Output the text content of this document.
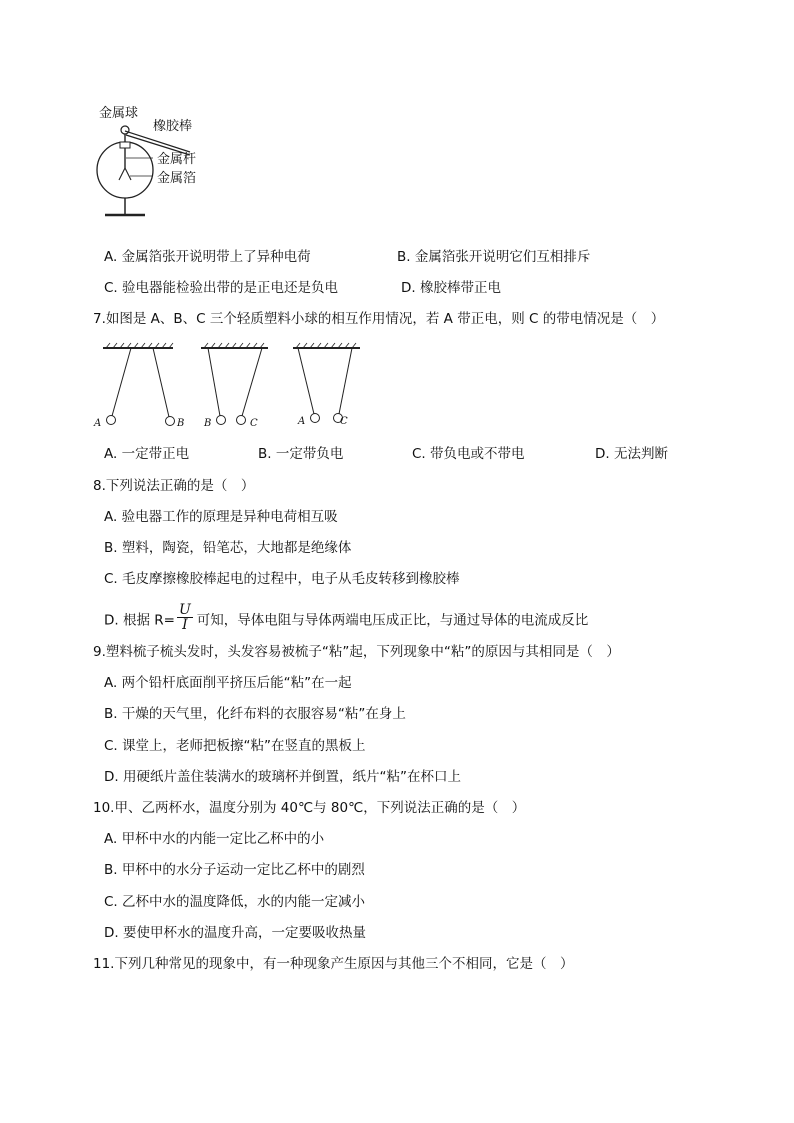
金属球
橡胶棒
金属杆
金属箔
A. 金属箔张开说明带上了异种电荷	B. 金属箔张开说明它们互相排斥
C. 验电器能检验出带的是正电还是负电	D. 橡胶棒带正电
7.如图是 A、B、C 三个轻质塑料小球的相互作用情况，若 A 带正电，则 C 的带电情况是（　）
A	B B	C	A	C
A. 一定带正电	B. 一定带负电	C. 带负电或不带电	D. 无法判断
8.下列说法正确的是（　）
A. 验电器工作的原理是异种电荷相互吸
B. 塑料，陶瓷，铅笔芯，大地都是绝缘体
C. 毛皮摩擦橡胶棒起电的过程中，电子从毛皮转移到橡胶棒
D. 根据 $R= \frac{U}{I}$ 可知，导体电阻与导体两端电压成正比，与通过导体的电流成反比
9.塑料梳子梳头发时，头发容易被梳子“粘”起，下列现象中“粘”的原因与其相同是（　）
A. 两个铅杆底面削平挤压后能“粘”在一起
B. 干燥的天气里，化纤布料的衣服容易“粘”在身上
C. 课堂上，老师把板擦“粘”在竖直的黑板上
D. 用硬纸片盖住装满水的玻璃杯并倒置，纸片“粘”在杯口上
10.甲、乙两杯水，温度分别为 40℃与 80℃，下列说法正确的是（　）
A. 甲杯中水的内能一定比乙杯中的小
B. 甲杯中的水分子运动一定比乙杯中的剧烈
C. 乙杯中水的温度降低，水的内能一定减小
D. 要使甲杯水的温度升高，一定要吸收热量
11.下列几种常见的现象中，有一种现象产生原因与其他三个不相同，它是（　）
